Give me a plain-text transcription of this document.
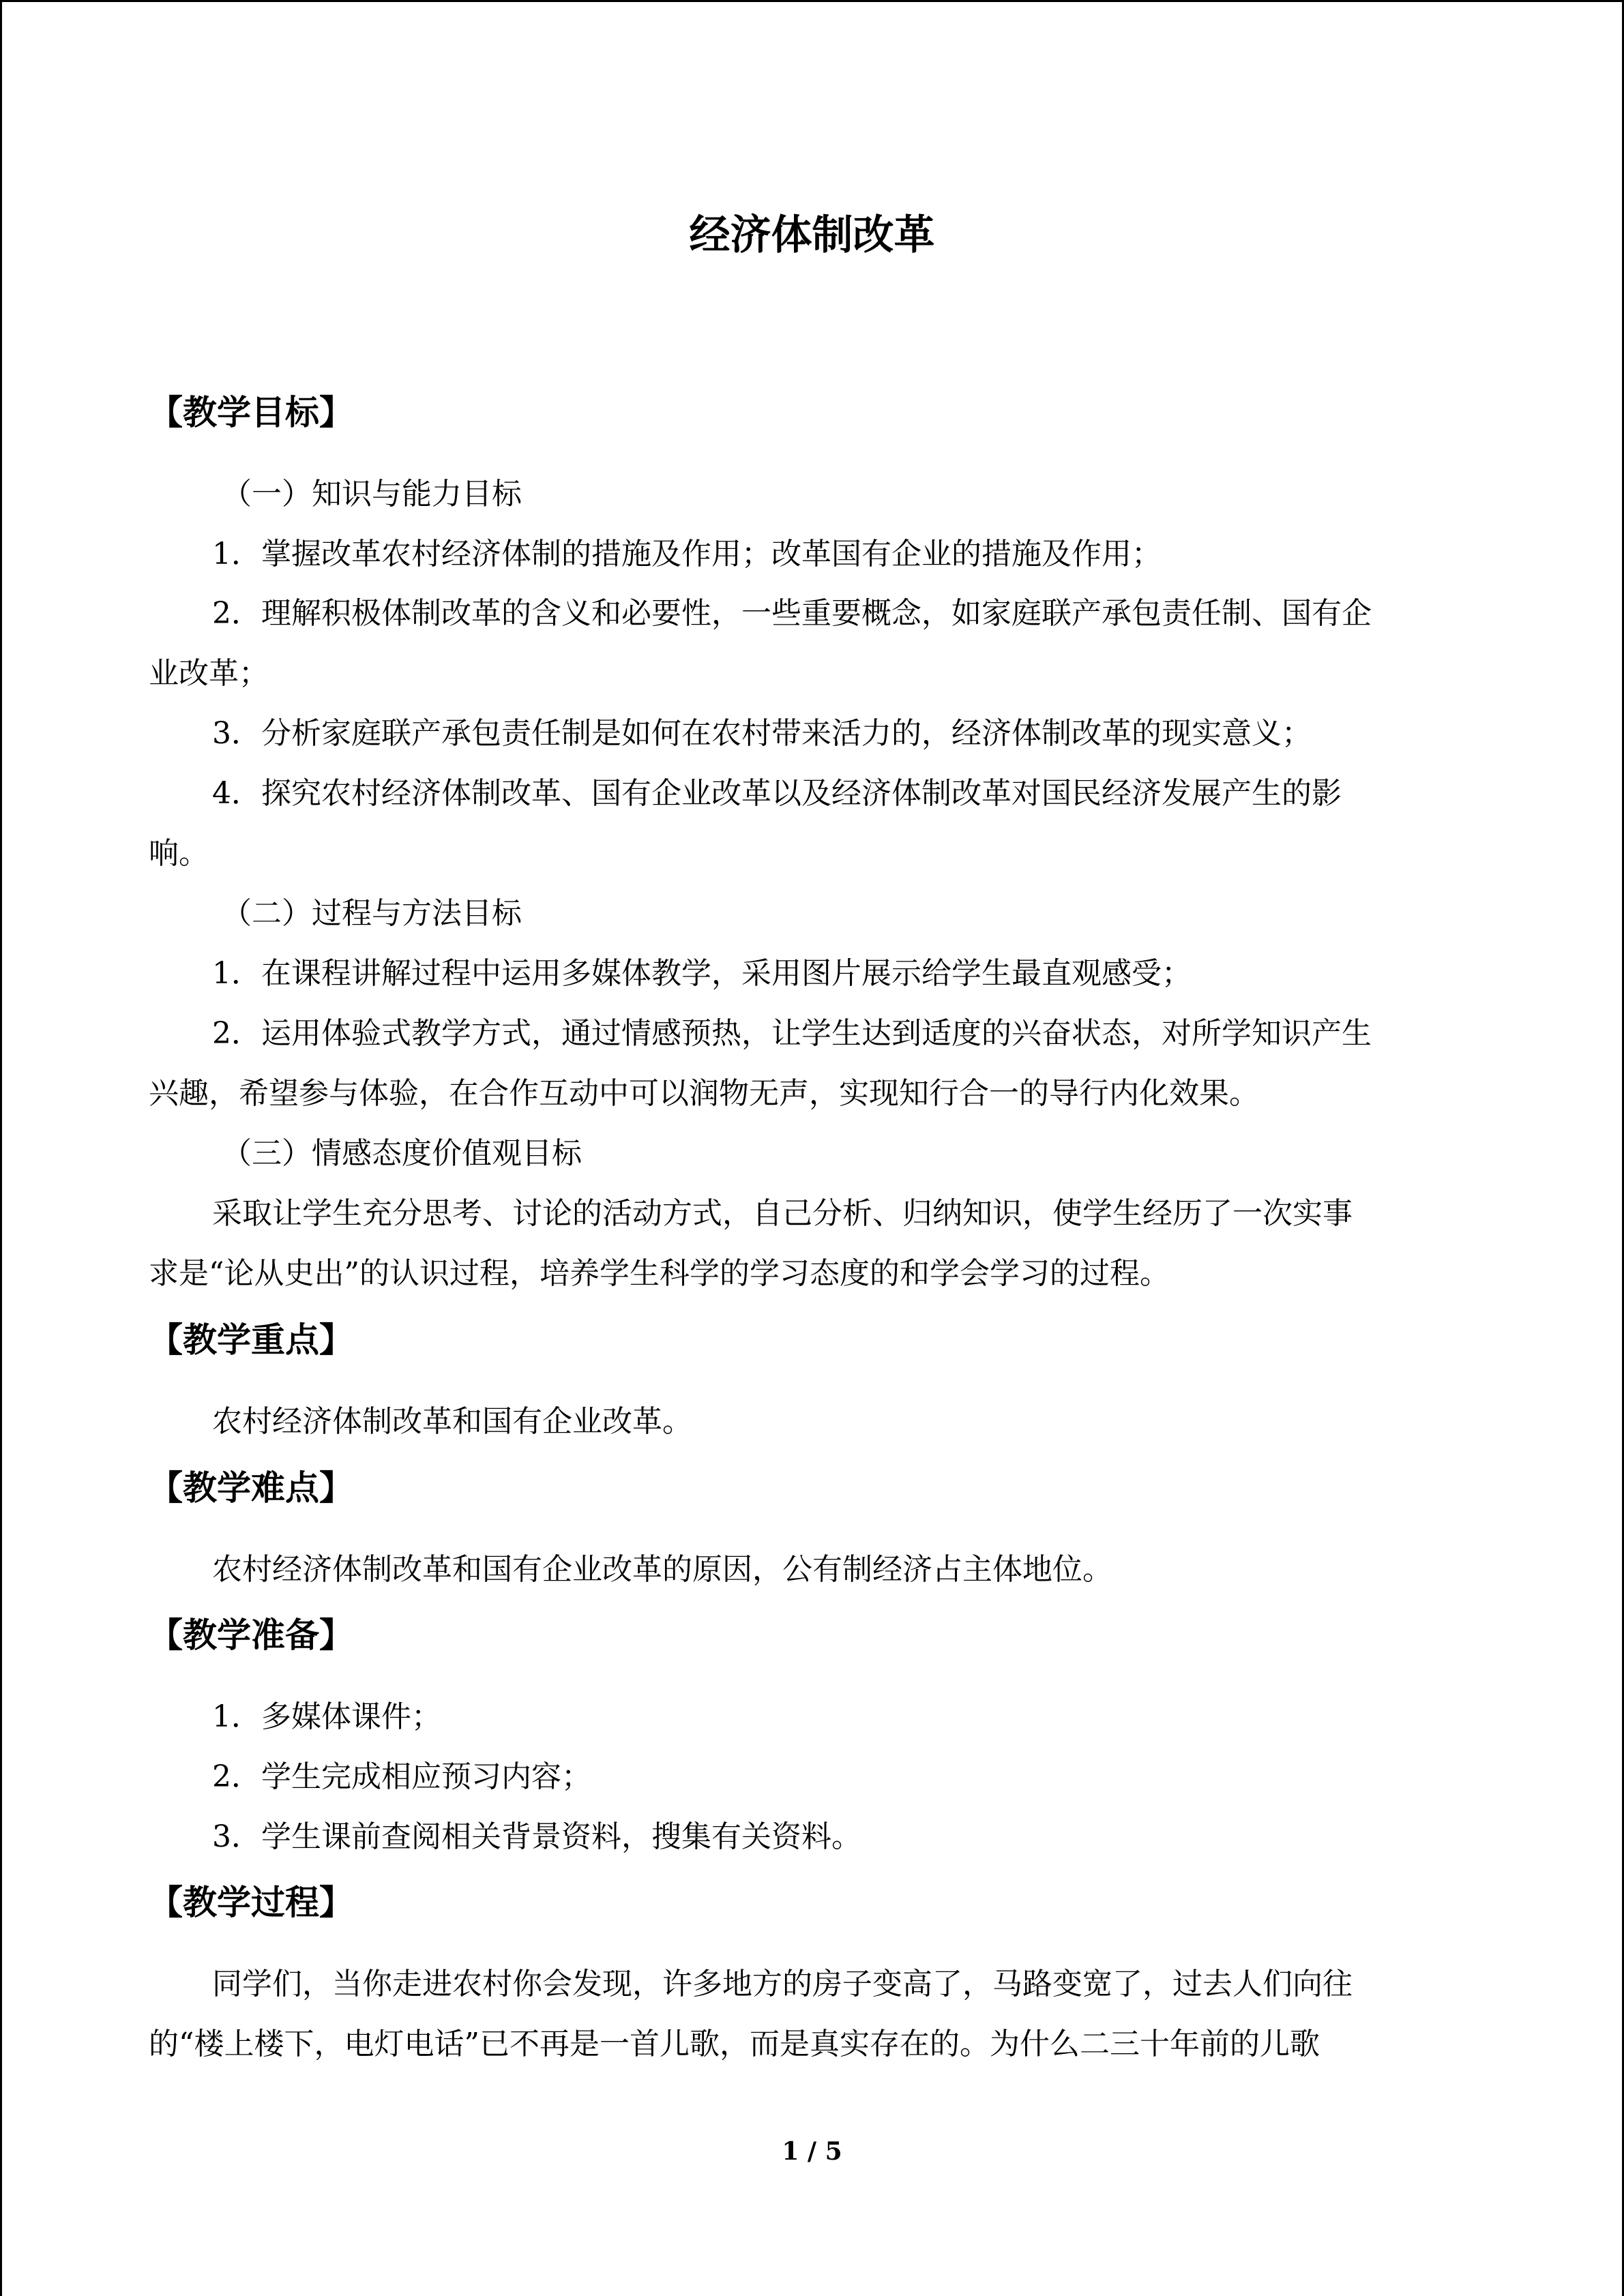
经济体制改革
【教学目标】
（一）知识与能力目标
1．掌握改革农村经济体制的措施及作用；改革国有企业的措施及作用；
2．理解积极体制改革的含义和必要性，一些重要概念，如家庭联产承包责任制、国有企
业改革；
3．分析家庭联产承包责任制是如何在农村带来活力的，经济体制改革的现实意义；
4．探究农村经济体制改革、国有企业改革以及经济体制改革对国民经济发展产生的影
响。
（二）过程与方法目标
1．在课程讲解过程中运用多媒体教学，采用图片展示给学生最直观感受；
2．运用体验式教学方式，通过情感预热，让学生达到适度的兴奋状态，对所学知识产生
兴趣，希望参与体验，在合作互动中可以润物无声，实现知行合一的导行内化效果。
（三）情感态度价值观目标
采取让学生充分思考、讨论的活动方式，自己分析、归纳知识，使学生经历了一次实事
求是“论从史出”的认识过程，培养学生科学的学习态度的和学会学习的过程。
【教学重点】
农村经济体制改革和国有企业改革。
【教学难点】
农村经济体制改革和国有企业改革的原因，公有制经济占主体地位。
【教学准备】
1．多媒体课件；
2．学生完成相应预习内容；
3．学生课前查阅相关背景资料，搜集有关资料。
【教学过程】
同学们，当你走进农村你会发现，许多地方的房子变高了，马路变宽了，过去人们向往
的“楼上楼下，电灯电话”已不再是一首儿歌，而是真实存在的。为什么二三十年前的儿歌
1 / 5
